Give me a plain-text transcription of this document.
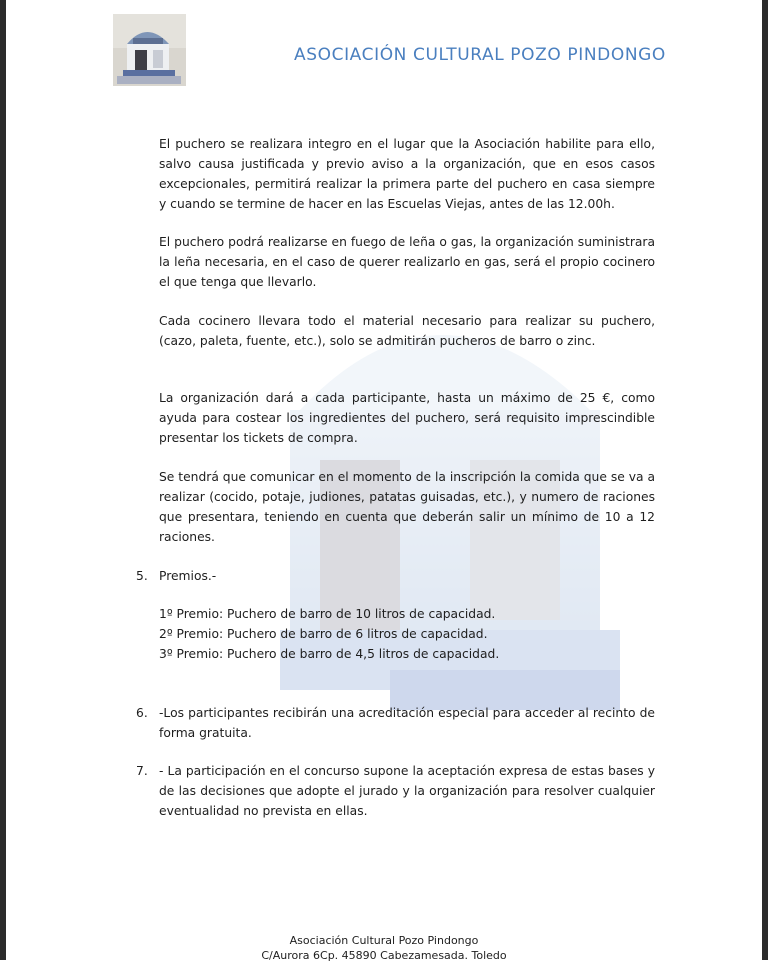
ASOCIACIÓN CULTURAL POZO PINDONGO
El puchero se realizara integro en el lugar que la Asociación habilite para ello, salvo causa justificada y previo aviso a la organización, que en esos casos excepcionales, permitirá realizar la primera parte del puchero en casa siempre y cuando se termine de hacer en las Escuelas Viejas, antes de las 12.00h.
El puchero podrá realizarse en fuego de leña o gas, la organización suministrara la leña necesaria, en el caso de querer realizarlo en gas, será el propio cocinero el que tenga que llevarlo.
Cada cocinero llevara todo el material necesario para realizar su puchero, (cazo, paleta, fuente, etc.), solo se admitirán pucheros de barro o zinc.
La organización dará a cada participante, hasta un máximo de 25 €, como ayuda para costear los ingredientes del puchero, será requisito imprescindible presentar los tickets de compra.
Se tendrá que comunicar en el momento de la inscripción la comida que se va a realizar (cocido, potaje, judiones, patatas guisadas, etc.), y numero de raciones que presentara, teniendo en cuenta que deberán salir un mínimo de 10 a 12 raciones.
5. Premios.-
1º Premio: Puchero de barro de 10 litros de capacidad.
2º Premio: Puchero de barro de 6 litros de capacidad.
3º Premio: Puchero de barro de 4,5 litros de capacidad.
6. -Los participantes recibirán una acreditación especial para acceder al recinto de forma gratuita.
7. - La participación en el concurso supone la aceptación expresa de estas bases y de las decisiones que adopte el jurado y la organización para resolver cualquier eventualidad no prevista en ellas.
Asociación Cultural Pozo Pindongo
C/Aurora 6Cp. 45890 Cabezamesada. Toledo
